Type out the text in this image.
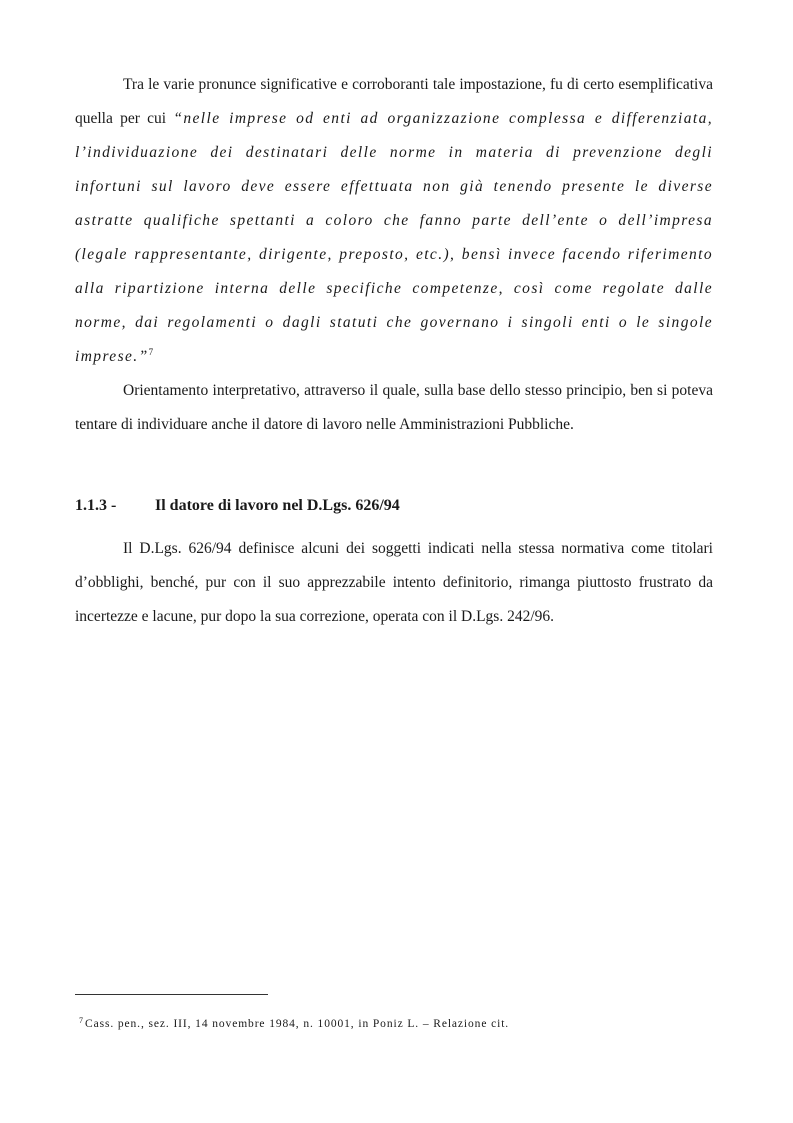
Tra le varie pronunce significative e corroboranti tale impostazione, fu di certo esemplificativa quella per cui “nelle imprese od enti ad organizzazione complessa e differenziata, l’individuazione dei destinatari delle norme in materia di prevenzione degli infortuni sul lavoro deve essere effettuata non già tenendo presente le diverse astratte qualifiche spettanti a coloro che fanno parte dell’ente o dell’impresa (legale rappresentante, dirigente, preposto, etc.), bensì invece facendo riferimento alla ripartizione interna delle specifiche competenze, così come regolate dalle norme, dai regolamenti o dagli statuti che governano i singoli enti o le singole imprese.”$^7$

Orientamento interpretativo, attraverso il quale, sulla base dello stesso principio, ben si poteva tentare di individuare anche il datore di lavoro nelle Amministrazioni Pubbliche.

1.1.3 - Il datore di lavoro nel D.Lgs. 626/94

Il D.Lgs. 626/94 definisce alcuni dei soggetti indicati nella stessa normativa come titolari d’obblighi, benché, pur con il suo apprezzabile intento definitorio, rimanga piuttosto frustrato da incertezze e lacune, pur dopo la sua correzione, operata con il D.Lgs. 242/96.

$^7$ Cass. pen., sez. III, 14 novembre 1984, n. 10001, in Poniz L. – Relazione cit.
